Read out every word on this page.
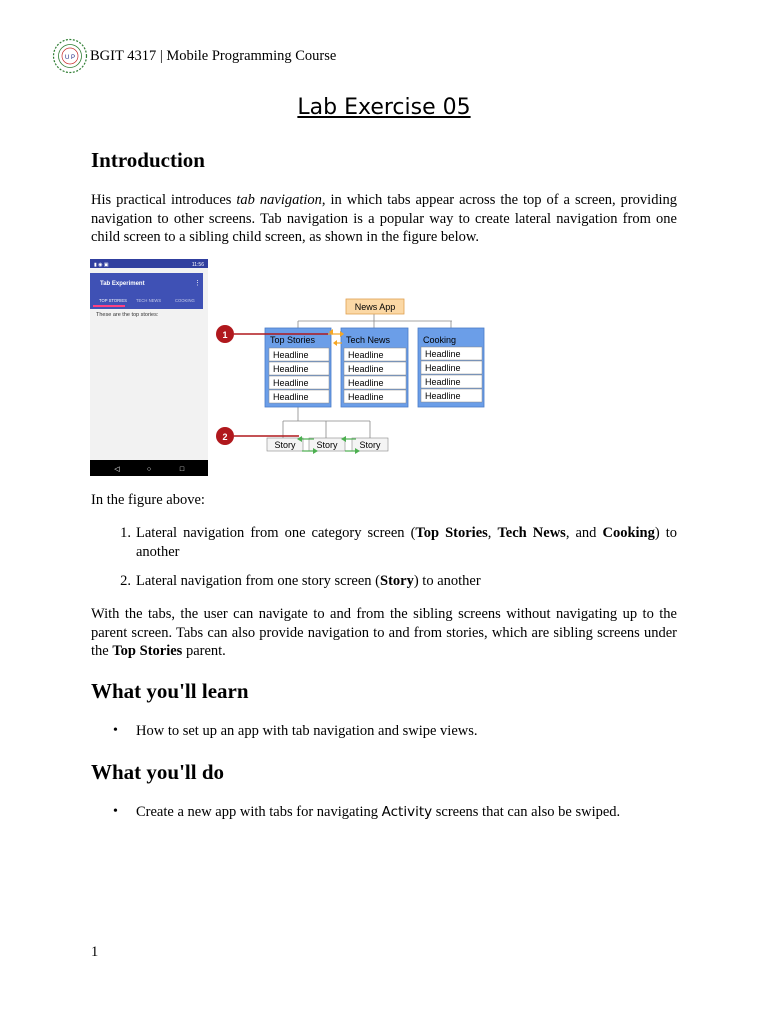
U P BGIT 4317 | Mobile Programming Course
Lab Exercise 05
Introduction

His practical introduces tab navigation, in which tabs appear across the top of a screen, providing navigation to other screens. Tab navigation is a popular way to create lateral navigation from one child screen to a sibling child screen, as shown in the figure below.

▮ ◉ ▣	11:56
Tab Experiment	⋮
TOP STORIES TECH NEWS	COOKING
These are the top stories:
◁	○	□
News App
Top Stories
Headline
Headline
Headline
Headline
Tech News
Headline
Headline
Headline
Headline
Cooking
Headline
Headline
Headline
Headline
Story Story Story
1
2

In the figure above:

1. Lateral navigation from one category screen (Top Stories, Tech News, and Cooking) to another
2. Lateral navigation from one story screen (Story) to another

With the tabs, the user can navigate to and from the sibling screens without navigating up to the parent screen. Tabs can also provide navigation to and from stories, which are sibling screens under the Top Stories parent.

What you'll learn
• How to set up an app with tab navigation and swipe views.
What you'll do
• Create a new app with tabs for navigating Activity screens that can also be swiped.
1
